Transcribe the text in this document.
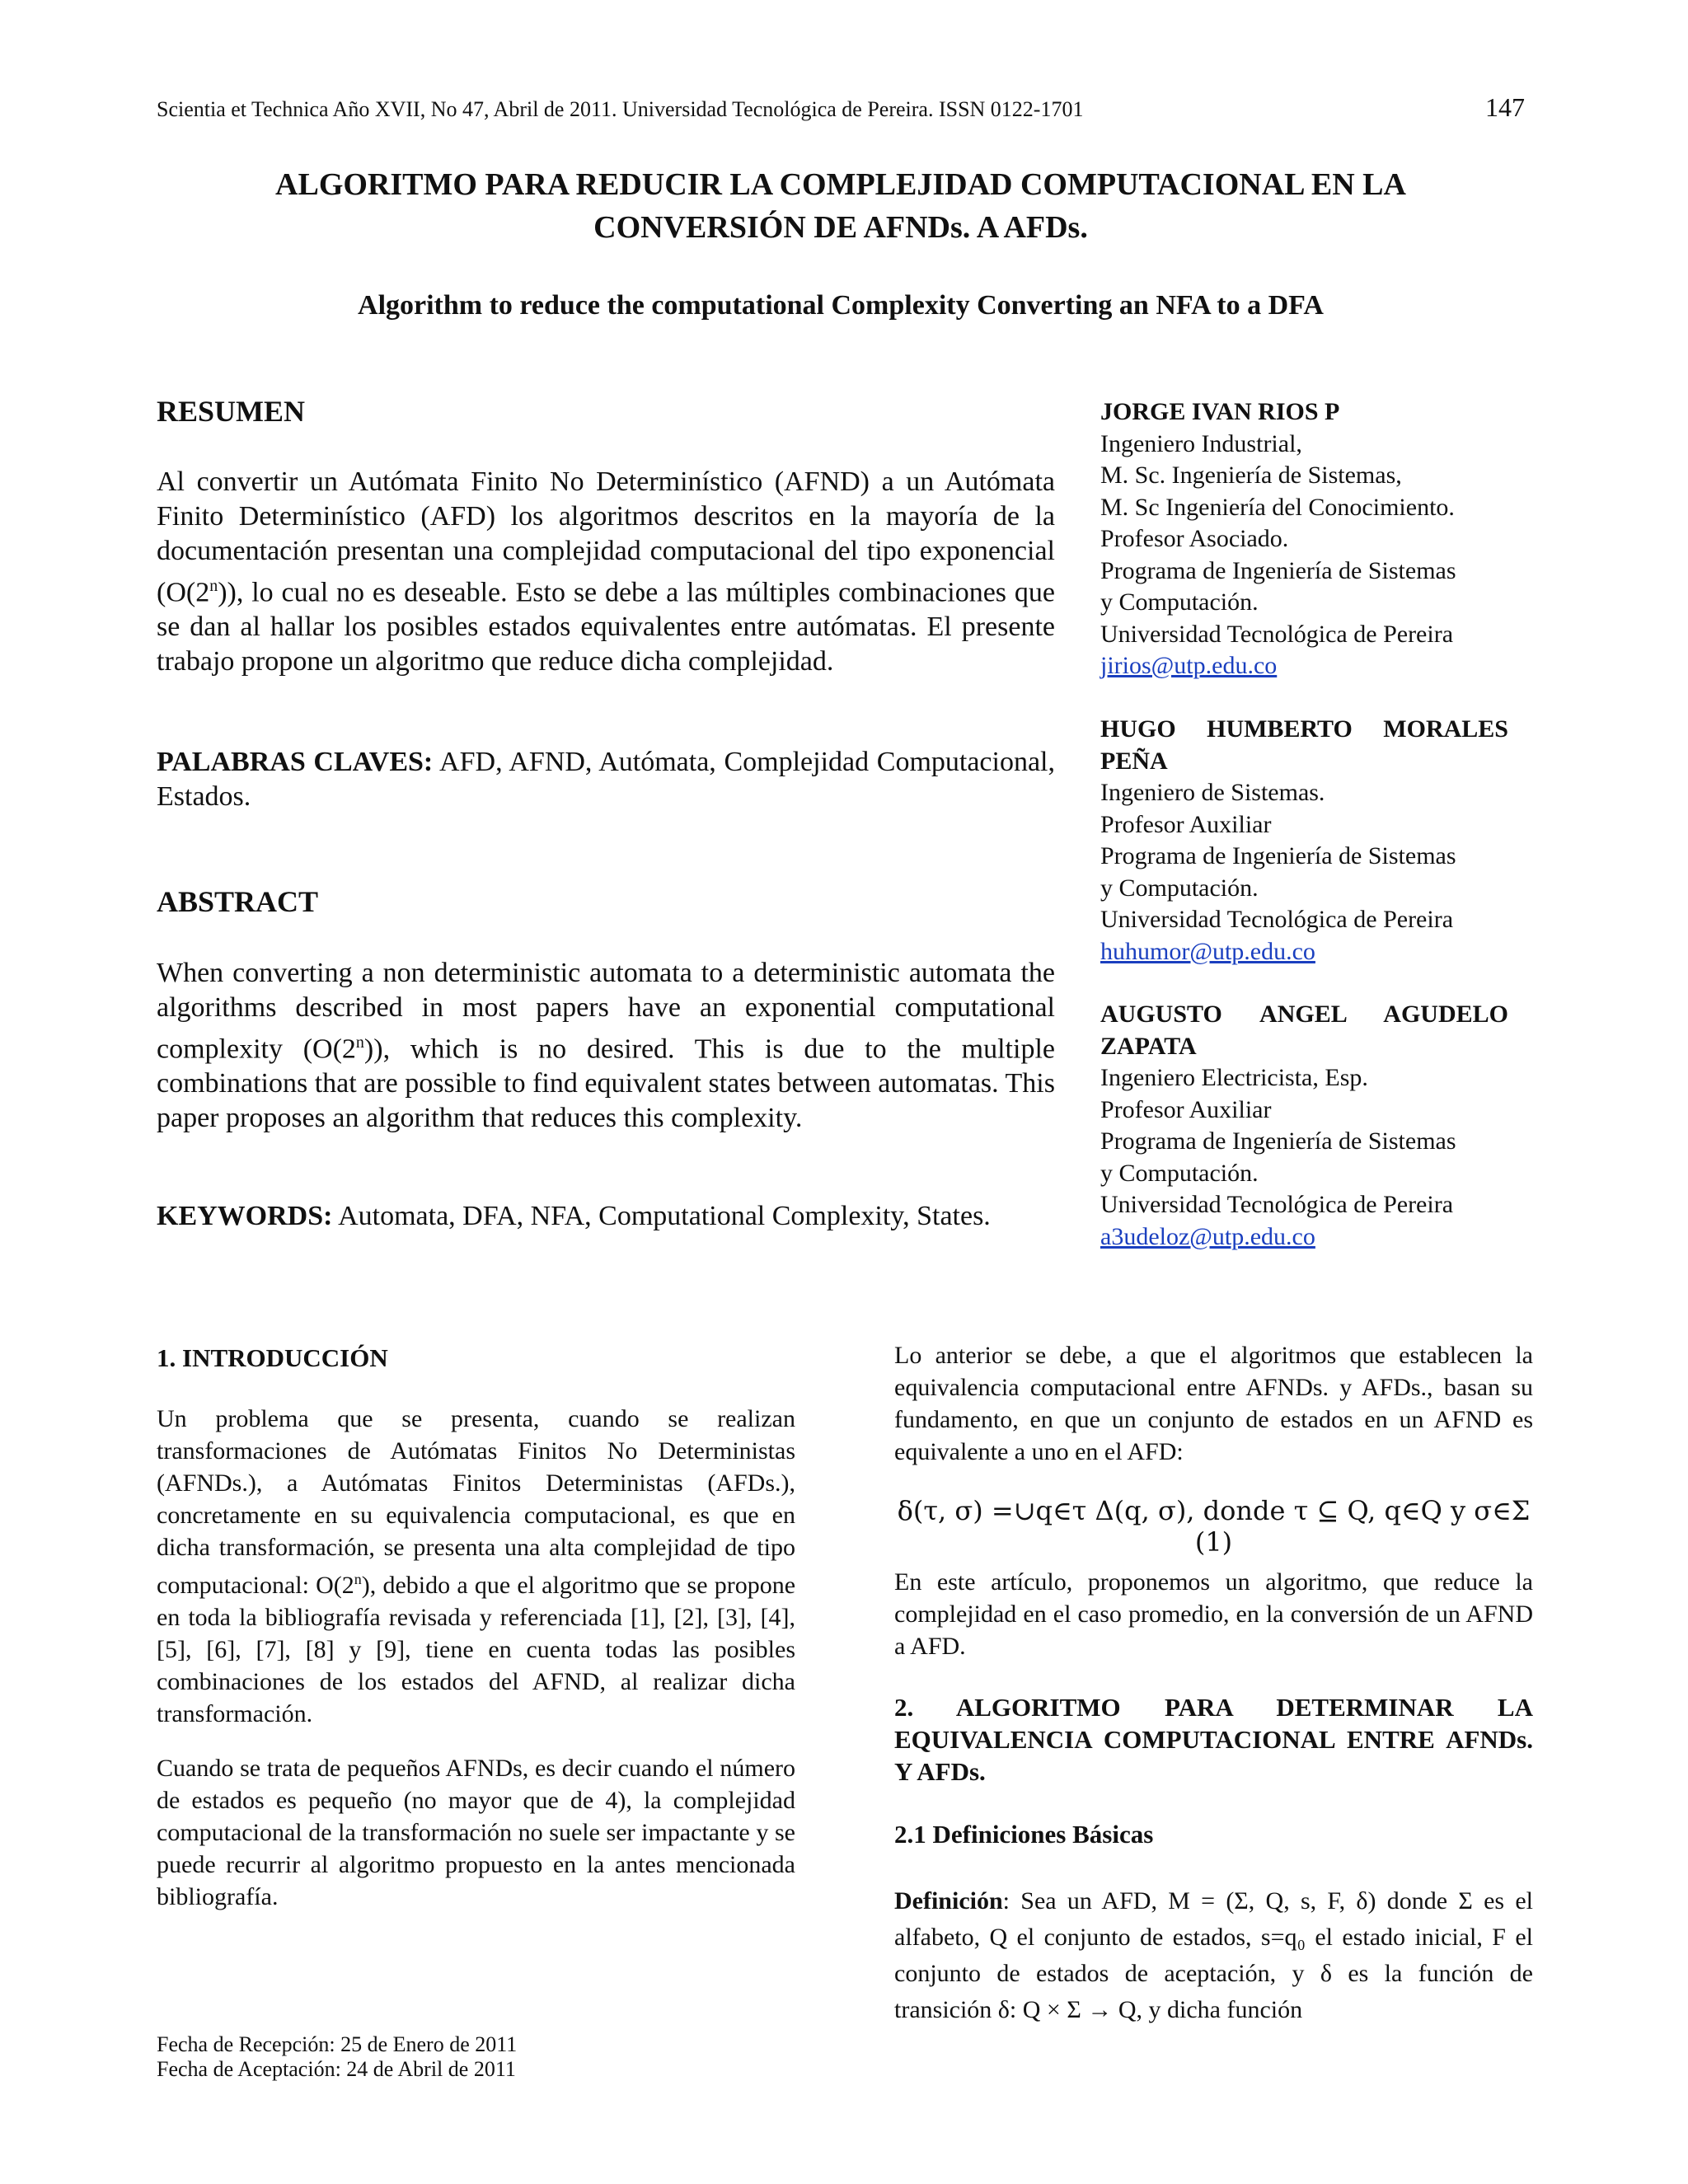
Scientia et Technica Año XVII, No 47, Abril de 2011. Universidad Tecnológica de Pereira. ISSN 0122-1701	147
ALGORITMO PARA REDUCIR LA COMPLEJIDAD COMPUTACIONAL EN LA
CONVERSIÓN DE AFNDs. A AFDs.
Algorithm to reduce the computational Complexity Converting an NFA to a DFA
RESUMEN

Al convertir un Autómata Finito No Determinístico (AFND) a un Autómata Finito Determinístico (AFD) los algoritmos descritos en la mayoría de la documentación presentan una complejidad computacional del tipo exponencial (O(2$^n$)), lo cual no es deseable. Esto se debe a las múltiples combinaciones que se dan al hallar los posibles estados equivalentes entre autómatas. El presente trabajo propone un algoritmo que reduce dicha complejidad.

PALABRAS CLAVES: AFD, AFND, Autómata, Complejidad Computacional, Estados.

ABSTRACT

When converting a non deterministic automata to a deterministic automata the algorithms described in most papers have an exponential computational complexity (O(2$^n$)), which is no desired. This is due to the multiple combinations that are possible to find equivalent states between automatas. This paper proposes an algorithm that reduces this complexity.

KEYWORDS: Automata, DFA, NFA, Computational Complexity, States.

JORGE IVAN RIOS P
Ingeniero Industrial,
M. Sc. Ingeniería de Sistemas,
M. Sc Ingeniería del Conocimiento.
Profesor Asociado.
Programa de Ingeniería de Sistemas
y Computación.
Universidad Tecnológica de Pereira
jirios@utp.edu.co
HUGO HUMBERTO MORALES
PEÑA
Ingeniero de Sistemas.
Profesor Auxiliar
Programa de Ingeniería de Sistemas
y Computación.
Universidad Tecnológica de Pereira
huhumor@utp.edu.co
AUGUSTO ANGEL AGUDELO
ZAPATA
Ingeniero Electricista, Esp.
Profesor Auxiliar
Programa de Ingeniería de Sistemas
y Computación.
Universidad Tecnológica de Pereira
a3udeloz@utp.edu.co
1. INTRODUCCIÓN

Un problema que se presenta, cuando se realizan transformaciones de Autómatas Finitos No Deterministas (AFNDs.), a Autómatas Finitos Deterministas (AFDs.), concretamente en su equivalencia computacional, es que en dicha transformación, se presenta una alta complejidad de tipo computacional: O(2$^n$), debido a que el algoritmo que se propone en toda la bibliografía revisada y referenciada [1], [2], [3], [4], [5], [6], [7], [8] y [9], tiene en cuenta todas las posibles combinaciones de los estados del AFND, al realizar dicha transformación.

Cuando se trata de pequeños AFNDs, es decir cuando el número de estados es pequeño (no mayor que de 4), la complejidad computacional de la transformación no suele ser impactante y se puede recurrir al algoritmo propuesto en la antes mencionada bibliografía.

Lo anterior se debe, a que el algoritmos que establecen la equivalencia computacional entre AFNDs. y AFDs., basan su fundamento, en que un conjunto de estados en un AFND es equivalente a uno en el AFD:

δ(τ, σ) =∪q∈τ Δ(q, σ), donde τ ⊆ Q, q∈Q y σ∈Σ (1)

En este artículo, proponemos un algoritmo, que reduce la complejidad en el caso promedio, en la conversión de un AFND a AFD.

2. ALGORITMO PARA DETERMINAR LA EQUIVALENCIA COMPUTACIONAL ENTRE AFNDs. Y AFDs.

2.1 Definiciones Básicas

Definición: Sea un AFD, M = (Σ, Q, s, F, δ) donde Σ es el alfabeto, Q el conjunto de estados, s=q₀ el estado inicial, F el conjunto de estados de aceptación, y δ es la función de transición δ: Q × Σ → Q, y dicha función

Fecha de Recepción: 25 de Enero de 2011
Fecha de Aceptación: 24 de Abril de 2011
